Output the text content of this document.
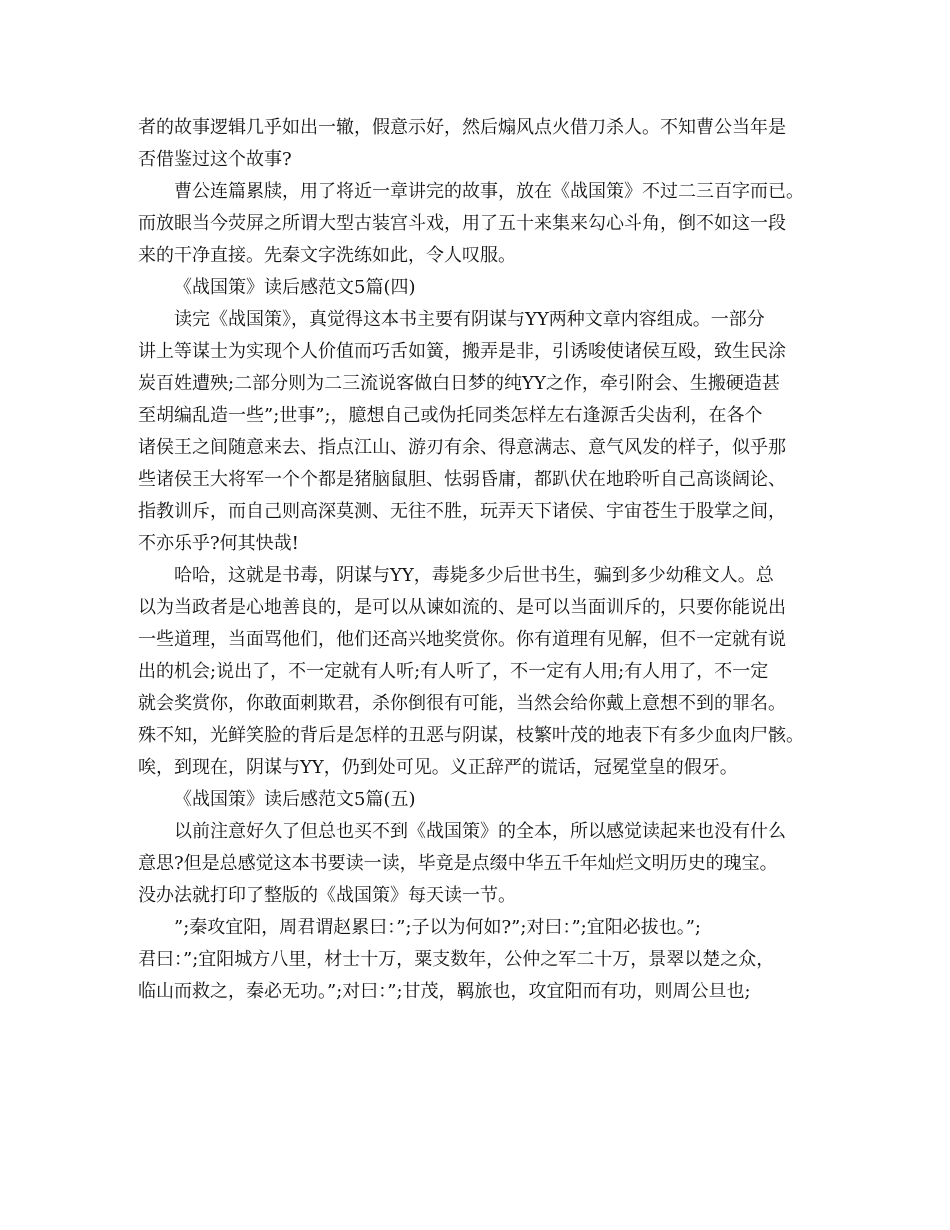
者的故事逻辑几乎如出一辙，假意示好，然后煽风点火借刀杀人。不知曹公当年是
否借鉴过这个故事?
曹公连篇累牍，用了将近一章讲完的故事，放在《战国策》不过二三百字而已。
而放眼当今荧屏之所谓大型古装宫斗戏，用了五十来集来勾心斗角，倒不如这一段
来的干净直接。先秦文字洗练如此，令人叹服。
《战国策》读后感范文5篇(四)
读完《战国策》，真觉得这本书主要有阴谋与YY两种文章内容组成。一部分
讲上等谋士为实现个人价值而巧舌如簧，搬弄是非，引诱唆使诸侯互殴，致生民涂
炭百姓遭殃;二部分则为二三流说客做白日梦的纯YY之作，牵引附会、生搬硬造甚
至胡编乱造一些”;世事”;，臆想自己或伪托同类怎样左右逢源舌尖齿利，在各个
诸侯王之间随意来去、指点江山、游刃有余、得意满志、意气风发的样子，似乎那
些诸侯王大将军一个个都是猪脑鼠胆、怯弱昏庸，都趴伏在地聆听自己高谈阔论、
指教训斥，而自己则高深莫测、无往不胜，玩弄天下诸侯、宇宙苍生于股掌之间，
不亦乐乎?何其快哉!
哈哈，这就是书毒，阴谋与YY，毒毙多少后世书生，骗到多少幼稚文人。总
以为当政者是心地善良的，是可以从谏如流的、是可以当面训斥的，只要你能说出
一些道理，当面骂他们，他们还高兴地奖赏你。你有道理有见解，但不一定就有说
出的机会;说出了，不一定就有人听;有人听了，不一定有人用;有人用了，不一定
就会奖赏你，你敢面刺欺君，杀你倒很有可能，当然会给你戴上意想不到的罪名。
殊不知，光鲜笑脸的背后是怎样的丑恶与阴谋，枝繁叶茂的地表下有多少血肉尸骸。
唉，到现在，阴谋与YY，仍到处可见。义正辞严的谎话，冠冕堂皇的假牙。
《战国策》读后感范文5篇(五)
以前注意好久了但总也买不到《战国策》的全本，所以感觉读起来也没有什么
意思?但是总感觉这本书要读一读，毕竟是点缀中华五千年灿烂文明历史的瑰宝。
没办法就打印了整版的《战国策》每天读一节。
”;秦攻宜阳，周君谓赵累曰：”;子以为何如?”;对曰：”;宜阳必拔也。”;
君曰：”;宜阳城方八里，材士十万，粟支数年，公仲之军二十万，景翠以楚之众，
临山而救之，秦必无功。”;对曰：”;甘茂，羁旅也，攻宜阳而有功，则周公旦也;
